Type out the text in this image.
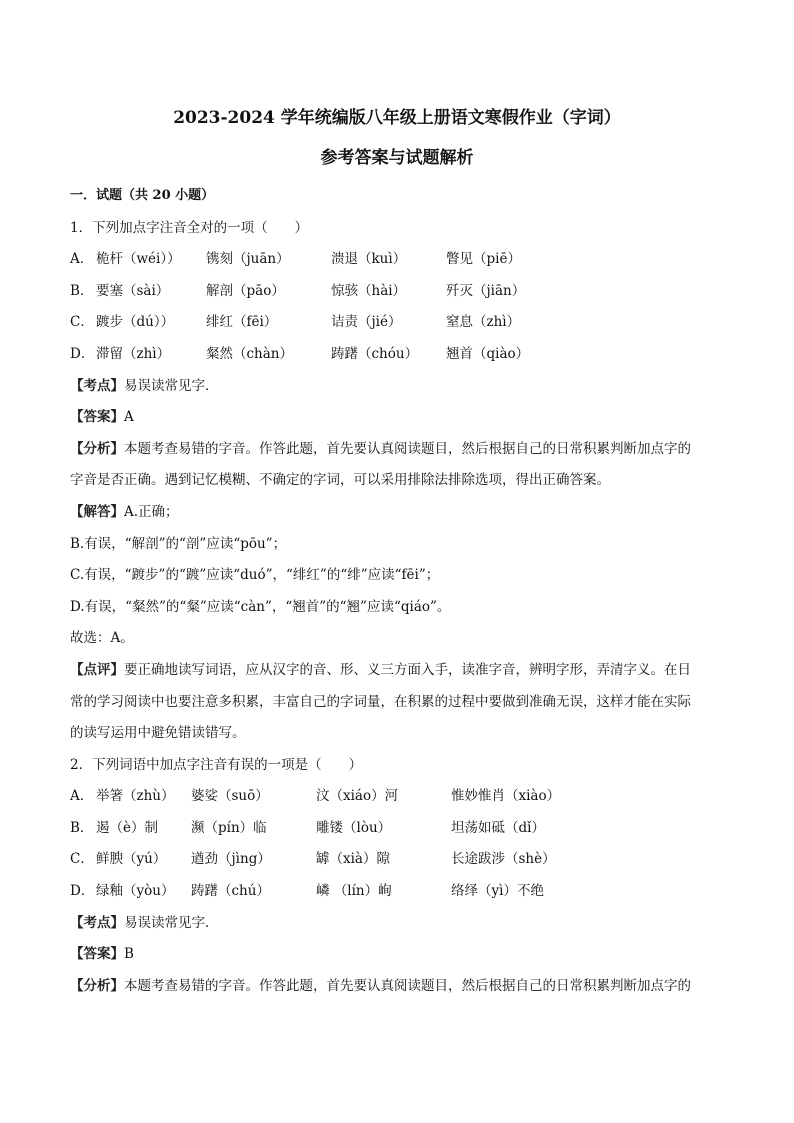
2023-2024 学年统编版八年级上册语文寒假作业（字词）
参考答案与试题解析
一．试题（共 20 小题）
1．下列加点字注音全对的一项（　　）
A． 桅杆（wéi））	镌刻（juān）	溃退（kuì）	瞥见（piē）
B． 要塞（sài）	解剖（pāo）	惊骇（hài）	歼灭（jiān）
C． 踱步（dú））	绯红（fēi）	诘责（jié）	窒息（zhì）
D． 滞留（zhì）	粲然（chàn）	踌躇（chóu）	翘首（qiào）
【考点】易误读常见字．
【答案】A
【分析】本题考查易错的字音。作答此题，首先要认真阅读题目，然后根据自己的日常积累判断加点字的
字音是否正确。遇到记忆模糊、不确定的字词，可以采用排除法排除选项，得出正确答案。
【解答】A.正确；
B.有误，“解剖”的“剖”应读“pōu”；
C.有误，“踱步”的“踱”应读“duó”，“绯红”的“绯”应读“fēi”；
D.有误，“粲然”的“粲”应读“càn”，“翘首”的“翘”应读“qiáo”。
故选：A。
【点评】要正确地读写词语，应从汉字的音、形、义三方面入手，读准字音，辨明字形，弄清字义。在日
常的学习阅读中也要注意多积累，丰富自己的字词量，在积累的过程中要做到准确无误，这样才能在实际
的读写运用中避免错读错写。
2．下列词语中加点字注音有误的一项是（　　）
A． 举箸（zhù）	婆娑（suō）	汶（xiáo）河	惟妙惟肖（xiào）
B． 遏（è）制	濒（pín）临	雕镂（lòu）	坦荡如砥（dǐ）
C． 鲜腴（yú）	遒劲（jìng）	罅（xià）隙	长途跋涉（shè）
D． 绿釉（yòu）	踌躇（chú）	嶙 （lín）峋	络绎（yì）不绝
【考点】易误读常见字．
【答案】B
【分析】本题考查易错的字音。作答此题，首先要认真阅读题目，然后根据自己的日常积累判断加点字的
